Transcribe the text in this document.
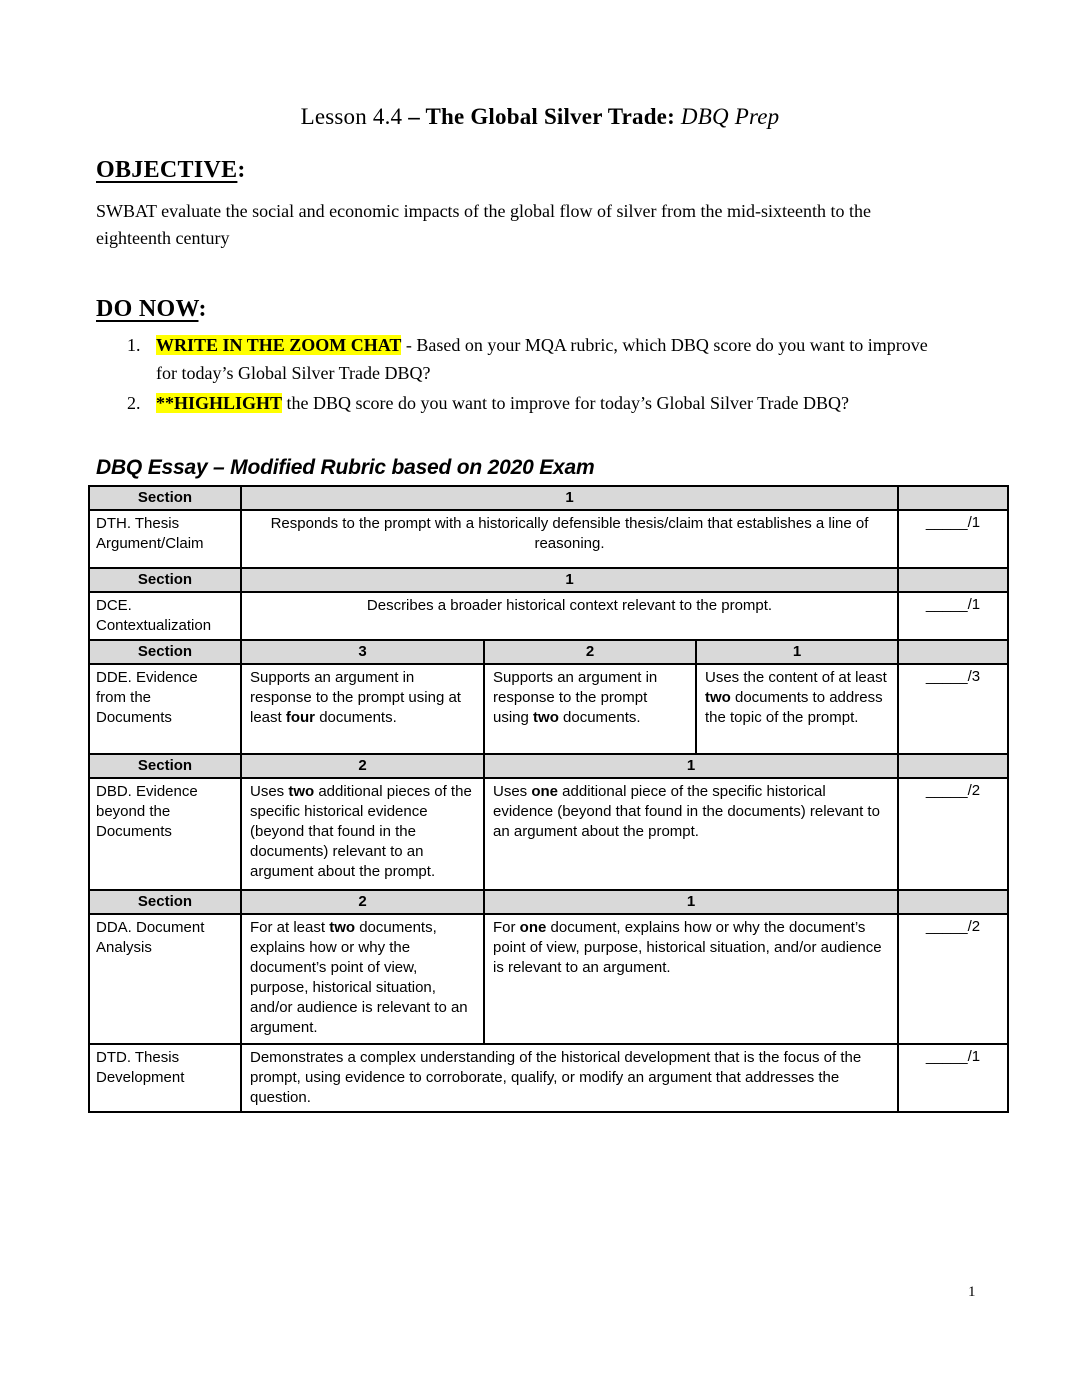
Lesson 4.4 – The Global Silver Trade: DBQ Prep
OBJECTIVE:

SWBAT evaluate the social and economic impacts of the global flow of silver from the mid-sixteenth to the eighteenth century

DO NOW:
1. WRITE IN THE ZOOM CHAT - Based on your MQA rubric, which DBQ score do you want to improve for today’s Global Silver Trade DBQ?
2. **HIGHLIGHT the DBQ score do you want to improve for today’s Global Silver Trade DBQ?
DBQ Essay – Modified Rubric based on 2020 Exam
Section	1			
DTH. Thesis Argument/Claim	Responds to the prompt with a historically defensible thesis/claim that establishes a line of reasoning.			_____/1
Section	1			
DCE. Contextualization	Describes a broader historical context relevant to the prompt.			_____/1
Section	3	2	1	
DDE. Evidence from the Documents	Supports an argument in response to the prompt using at least four documents.	Supports an argument in response to the prompt using two documents.	Uses the content of at least two documents to address the topic of the prompt.	_____/3
Section	2	1		
DBD. Evidence beyond the Documents	Uses two additional pieces of the specific historical evidence (beyond that found in the documents) relevant to an argument about the prompt.	Uses one additional piece of the specific historical evidence (beyond that found in the documents) relevant to an argument about the prompt.		_____/2
Section	2	1		
DDA. Document Analysis	For at least two documents, explains how or why the document’s point of view, purpose, historical situation, and/or audience is relevant to an argument.	For one document, explains how or why the document’s point of view, purpose, historical situation, and/or audience is relevant to an argument.		_____/2
DTD. Thesis Development	Demonstrates a complex understanding of the historical development that is the focus of the prompt, using evidence to corroborate, qualify, or modify an argument that addresses the question.			_____/1
1
